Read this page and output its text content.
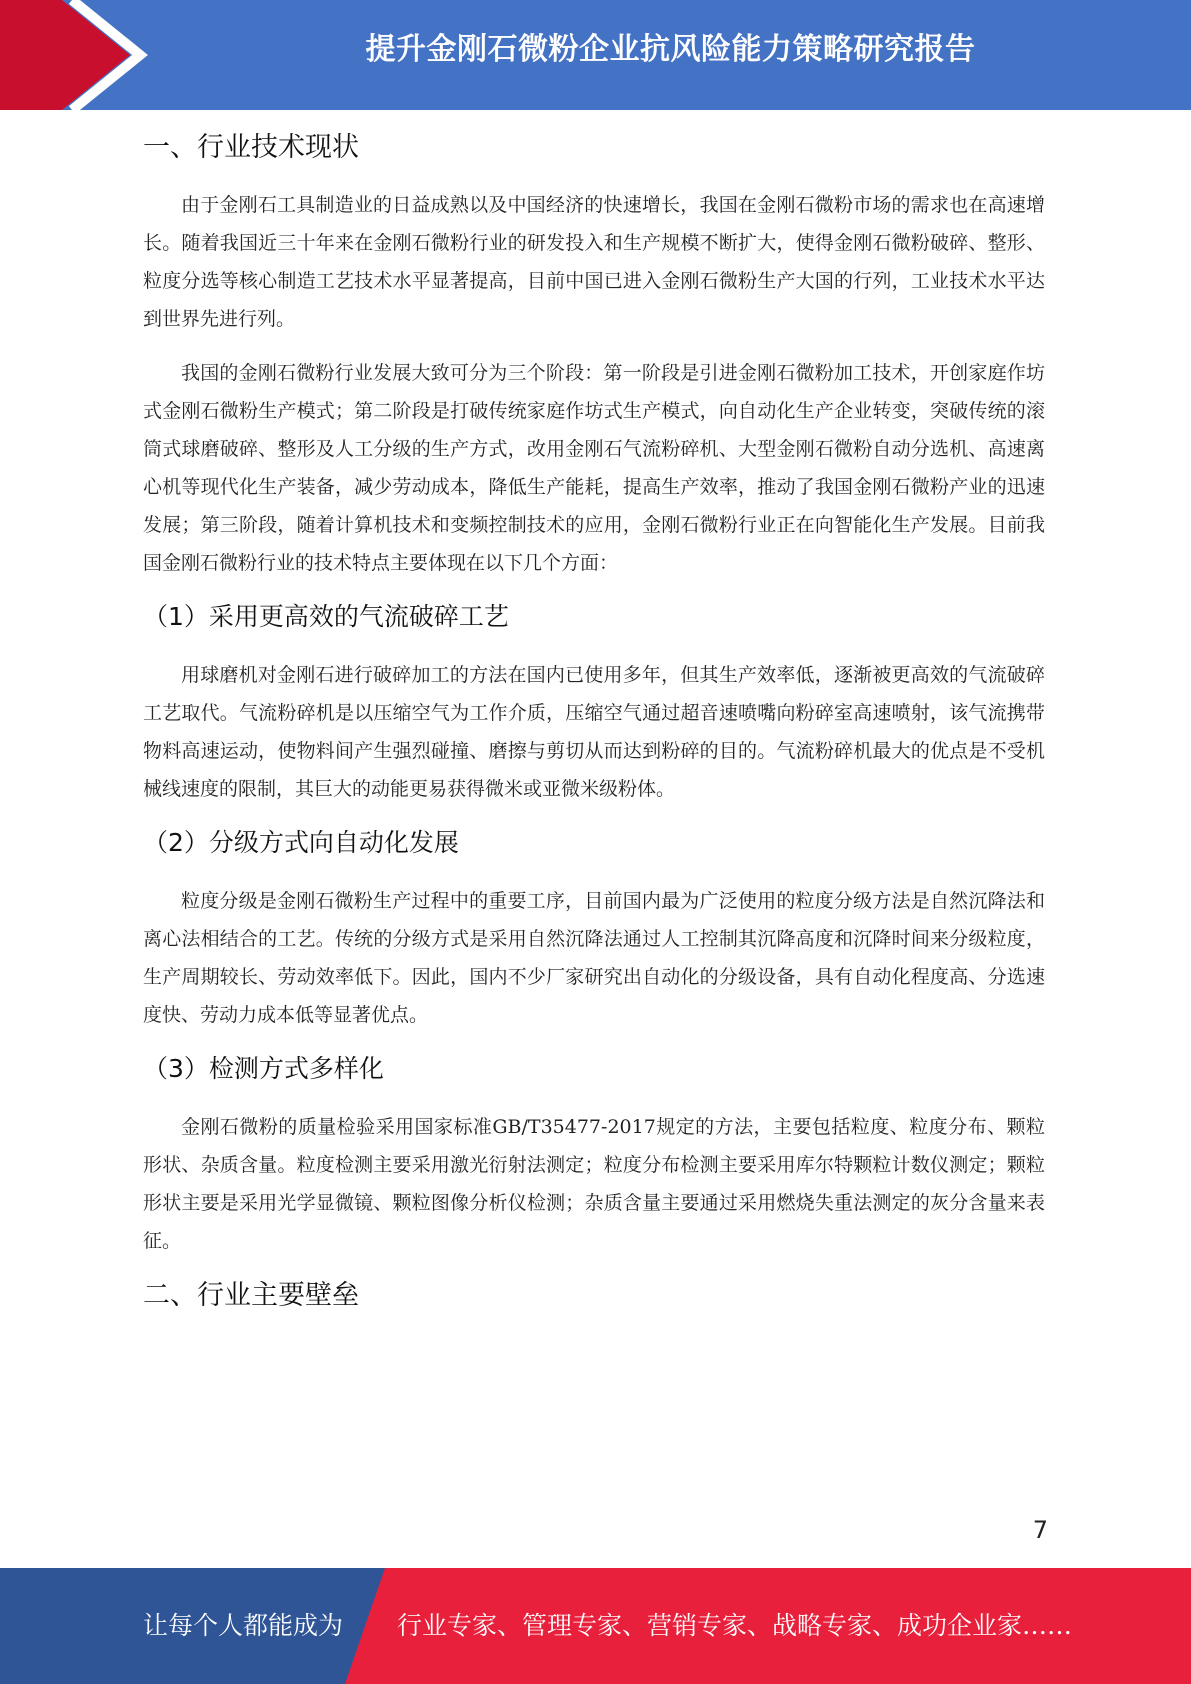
提升金刚石微粉企业抗风险能力策略研究报告
一、行业技术现状

由于金刚石工具制造业的日益成熟以及中国经济的快速增长，我国在金刚石微粉市场的需求也在高速增长。随着我国近三十年来在金刚石微粉行业的研发投入和生产规模不断扩大，使得金刚石微粉破碎、整形、粒度分选等核心制造工艺技术水平显著提高，目前中国已进入金刚石微粉生产大国的行列，工业技术水平达到世界先进行列。

我国的金刚石微粉行业发展大致可分为三个阶段：第一阶段是引进金刚石微粉加工技术，开创家庭作坊式金刚石微粉生产模式；第二阶段是打破传统家庭作坊式生产模式，向自动化生产企业转变，突破传统的滚筒式球磨破碎、整形及人工分级的生产方式，改用金刚石气流粉碎机、大型金刚石微粉自动分选机、高速离心机等现代化生产装备，减少劳动成本，降低生产能耗，提高生产效率，推动了我国金刚石微粉产业的迅速发展；第三阶段，随着计算机技术和变频控制技术的应用，金刚石微粉行业正在向智能化生产发展。目前我国金刚石微粉行业的技术特点主要体现在以下几个方面：

（1）采用更高效的气流破碎工艺

用球磨机对金刚石进行破碎加工的方法在国内已使用多年，但其生产效率低，逐渐被更高效的气流破碎工艺取代。气流粉碎机是以压缩空气为工作介质，压缩空气通过超音速喷嘴向粉碎室高速喷射，该气流携带物料高速运动，使物料间产生强烈碰撞、磨擦与剪切从而达到粉碎的目的。气流粉碎机最大的优点是不受机械线速度的限制，其巨大的动能更易获得微米或亚微米级粉体。

（2）分级方式向自动化发展

粒度分级是金刚石微粉生产过程中的重要工序，目前国内最为广泛使用的粒度分级方法是自然沉降法和离心法相结合的工艺。传统的分级方式是采用自然沉降法通过人工控制其沉降高度和沉降时间来分级粒度，生产周期较长、劳动效率低下。因此，国内不少厂家研究出自动化的分级设备，具有自动化程度高、分选速度快、劳动力成本低等显著优点。

（3）检测方式多样化

金刚石微粉的质量检验采用国家标准GB/T35477-2017规定的方法，主要包括粒度、粒度分布、颗粒形状、杂质含量。粒度检测主要采用激光衍射法测定；粒度分布检测主要采用库尔特颗粒计数仪测定；颗粒形状主要是采用光学显微镜、颗粒图像分析仪检测；杂质含量主要通过采用燃烧失重法测定的灰分含量来表征。

二、行业主要壁垒
7
让每个人都能成为 行业专家、管理专家、营销专家、战略专家、成功企业家……
